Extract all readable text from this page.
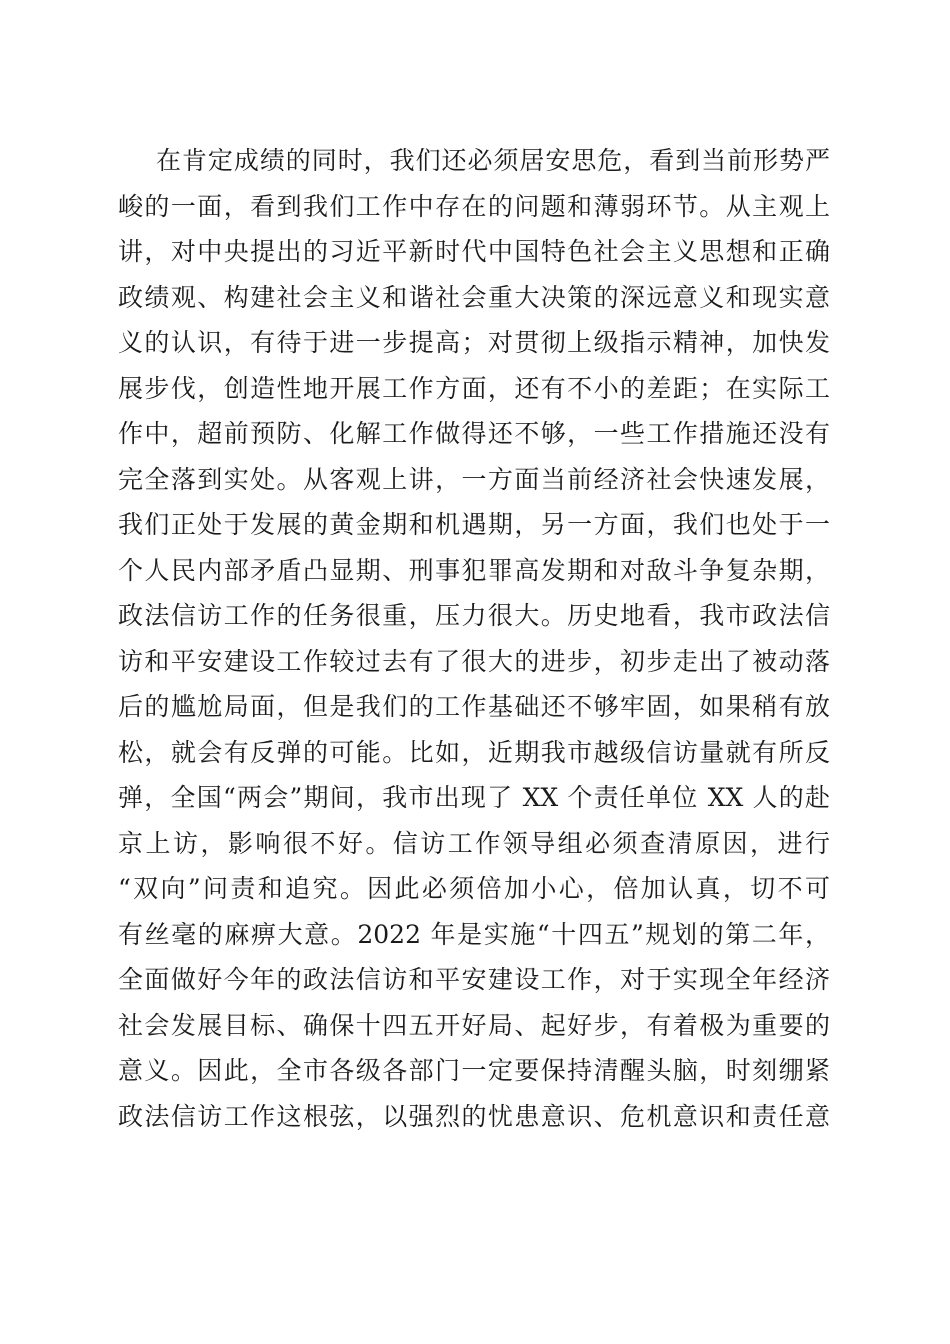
在肯定成绩的同时，我们还必须居安思危，看到当前形势严
峻的一面，看到我们工作中存在的问题和薄弱环节。从主观上
讲，对中央提出的习近平新时代中国特色社会主义思想和正确
政绩观、构建社会主义和谐社会重大决策的深远意义和现实意
义的认识，有待于进一步提高；对贯彻上级指示精神，加快发
展步伐，创造性地开展工作方面，还有不小的差距；在实际工
作中，超前预防、化解工作做得还不够，一些工作措施还没有
完全落到实处。从客观上讲，一方面当前经济社会快速发展，
我们正处于发展的黄金期和机遇期，另一方面，我们也处于一
个人民内部矛盾凸显期、刑事犯罪高发期和对敌斗争复杂期，
政法信访工作的任务很重，压力很大。历史地看，我市政法信
访和平安建设工作较过去有了很大的进步，初步走出了被动落
后的尴尬局面，但是我们的工作基础还不够牢固，如果稍有放
松，就会有反弹的可能。比如，近期我市越级信访量就有所反
弹，全国“两会”期间，我市出现了 XX 个责任单位 XX 人的赴
京上访，影响很不好。信访工作领导组必须查清原因，进行
“双向”问责和追究。因此必须倍加小心，倍加认真，切不可
有丝毫的麻痹大意。2022 年是实施“十四五”规划的第二年，
全面做好今年的政法信访和平安建设工作，对于实现全年经济
社会发展目标、确保十四五开好局、起好步，有着极为重要的
意义。因此，全市各级各部门一定要保持清醒头脑，时刻绷紧
政法信访工作这根弦，以强烈的忧患意识、危机意识和责任意
